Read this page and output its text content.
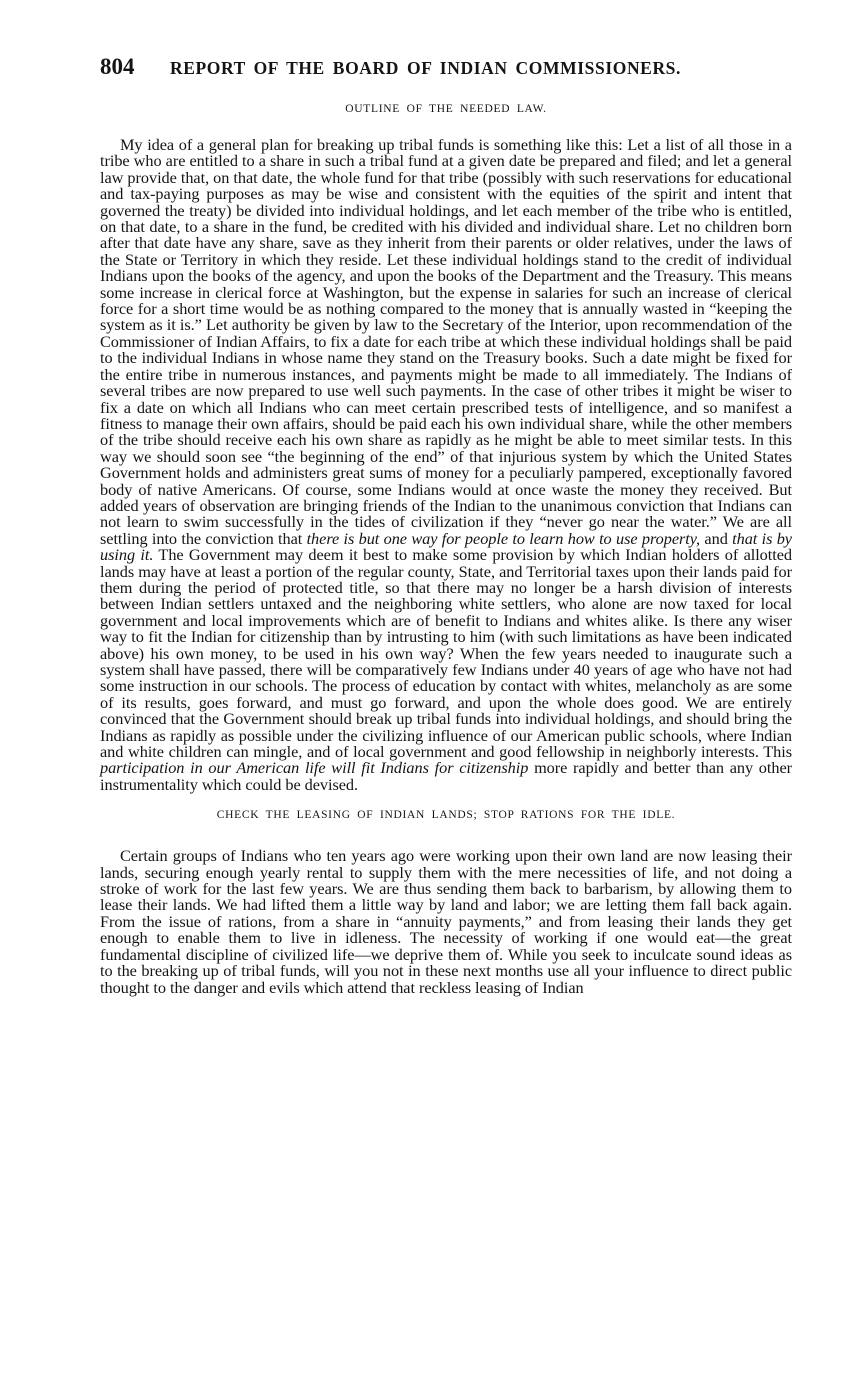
804	REPORT OF THE BOARD OF INDIAN COMMISSIONERS.
OUTLINE OF THE NEEDED LAW.

My idea of a general plan for breaking up tribal funds is something like this: Let a list of all those in a tribe who are entitled to a share in such a tribal fund at a given date be prepared and filed; and let a general law provide that, on that date, the whole fund for that tribe (possibly with such reservations for educational and tax-paying purposes as may be wise and consistent with the equities of the spirit and intent that governed the treaty) be divided into individual holdings, and let each member of the tribe who is entitled, on that date, to a share in the fund, be credited with his divided and individual share. Let no children born after that date have any share, save as they inherit from their parents or older relatives, under the laws of the State or Territory in which they reside. Let these individual holdings stand to the credit of individual Indians upon the books of the agency, and upon the books of the Department and the Treasury. This means some increase in clerical force at Washington, but the expense in salaries for such an increase of clerical force for a short time would be as nothing compared to the money that is annually wasted in “keeping the system as it is.” Let authority be given by law to the Secretary of the Interior, upon recommendation of the Commissioner of Indian Affairs, to fix a date for each tribe at which these individual holdings shall be paid to the individual Indians in whose name they stand on the Treasury books. Such a date might be fixed for the entire tribe in numerous instances, and payments might be made to all immediately. The Indians of several tribes are now prepared to use well such payments. In the case of other tribes it might be wiser to fix a date on which all Indians who can meet certain prescribed tests of intelligence, and so manifest a fitness to manage their own affairs, should be paid each his own individual share, while the other members of the tribe should receive each his own share as rapidly as he might be able to meet similar tests. In this way we should soon see “the beginning of the end” of that injurious system by which the United States Government holds and administers great sums of money for a peculiarly pampered, exceptionally favored body of native Americans. Of course, some Indians would at once waste the money they received. But added years of observation are bringing friends of the Indian to the unanimous conviction that Indians can not learn to swim successfully in the tides of civilization if they “never go near the water.” We are all settling into the conviction that there is but one way for people to learn how to use property, and that is by using it. The Government may deem it best to make some provision by which Indian holders of allotted lands may have at least a portion of the regular county, State, and Territorial taxes upon their lands paid for them during the period of protected title, so that there may no longer be a harsh division of interests between Indian settlers untaxed and the neighboring white settlers, who alone are now taxed for local government and local improvements which are of benefit to Indians and whites alike. Is there any wiser way to fit the Indian for citizenship than by intrusting to him (with such limitations as have been indicated above) his own money, to be used in his own way? When the few years needed to inaugurate such a system shall have passed, there will be comparatively few Indians under 40 years of age who have not had some instruction in our schools. The process of education by contact with whites, melancholy as are some of its results, goes forward, and must go forward, and upon the whole does good. We are entirely convinced that the Government should break up tribal funds into individual holdings, and should bring the Indians as rapidly as possible under the civilizing influence of our American public schools, where Indian and white children can mingle, and of local government and good fellowship in neighborly interests. This participation in our American life will fit Indians for citizenship more rapidly and better than any other instrumentality which could be devised.

CHECK THE LEASING OF INDIAN LANDS; STOP RATIONS FOR THE IDLE.

Certain groups of Indians who ten years ago were working upon their own land are now leasing their lands, securing enough yearly rental to supply them with the mere necessities of life, and not doing a stroke of work for the last few years. We are thus sending them back to barbarism, by allowing them to lease their lands. We had lifted them a little way by land and labor; we are letting them fall back again. From the issue of rations, from a share in “annuity payments,” and from leasing their lands they get enough to enable them to live in idleness. The necessity of working if one would eat—the great fundamental discipline of civilized life—we deprive them of. While you seek to inculcate sound ideas as to the breaking up of tribal funds, will you not in these next months use all your influence to direct public thought to the danger and evils which attend that reckless leasing of Indian
